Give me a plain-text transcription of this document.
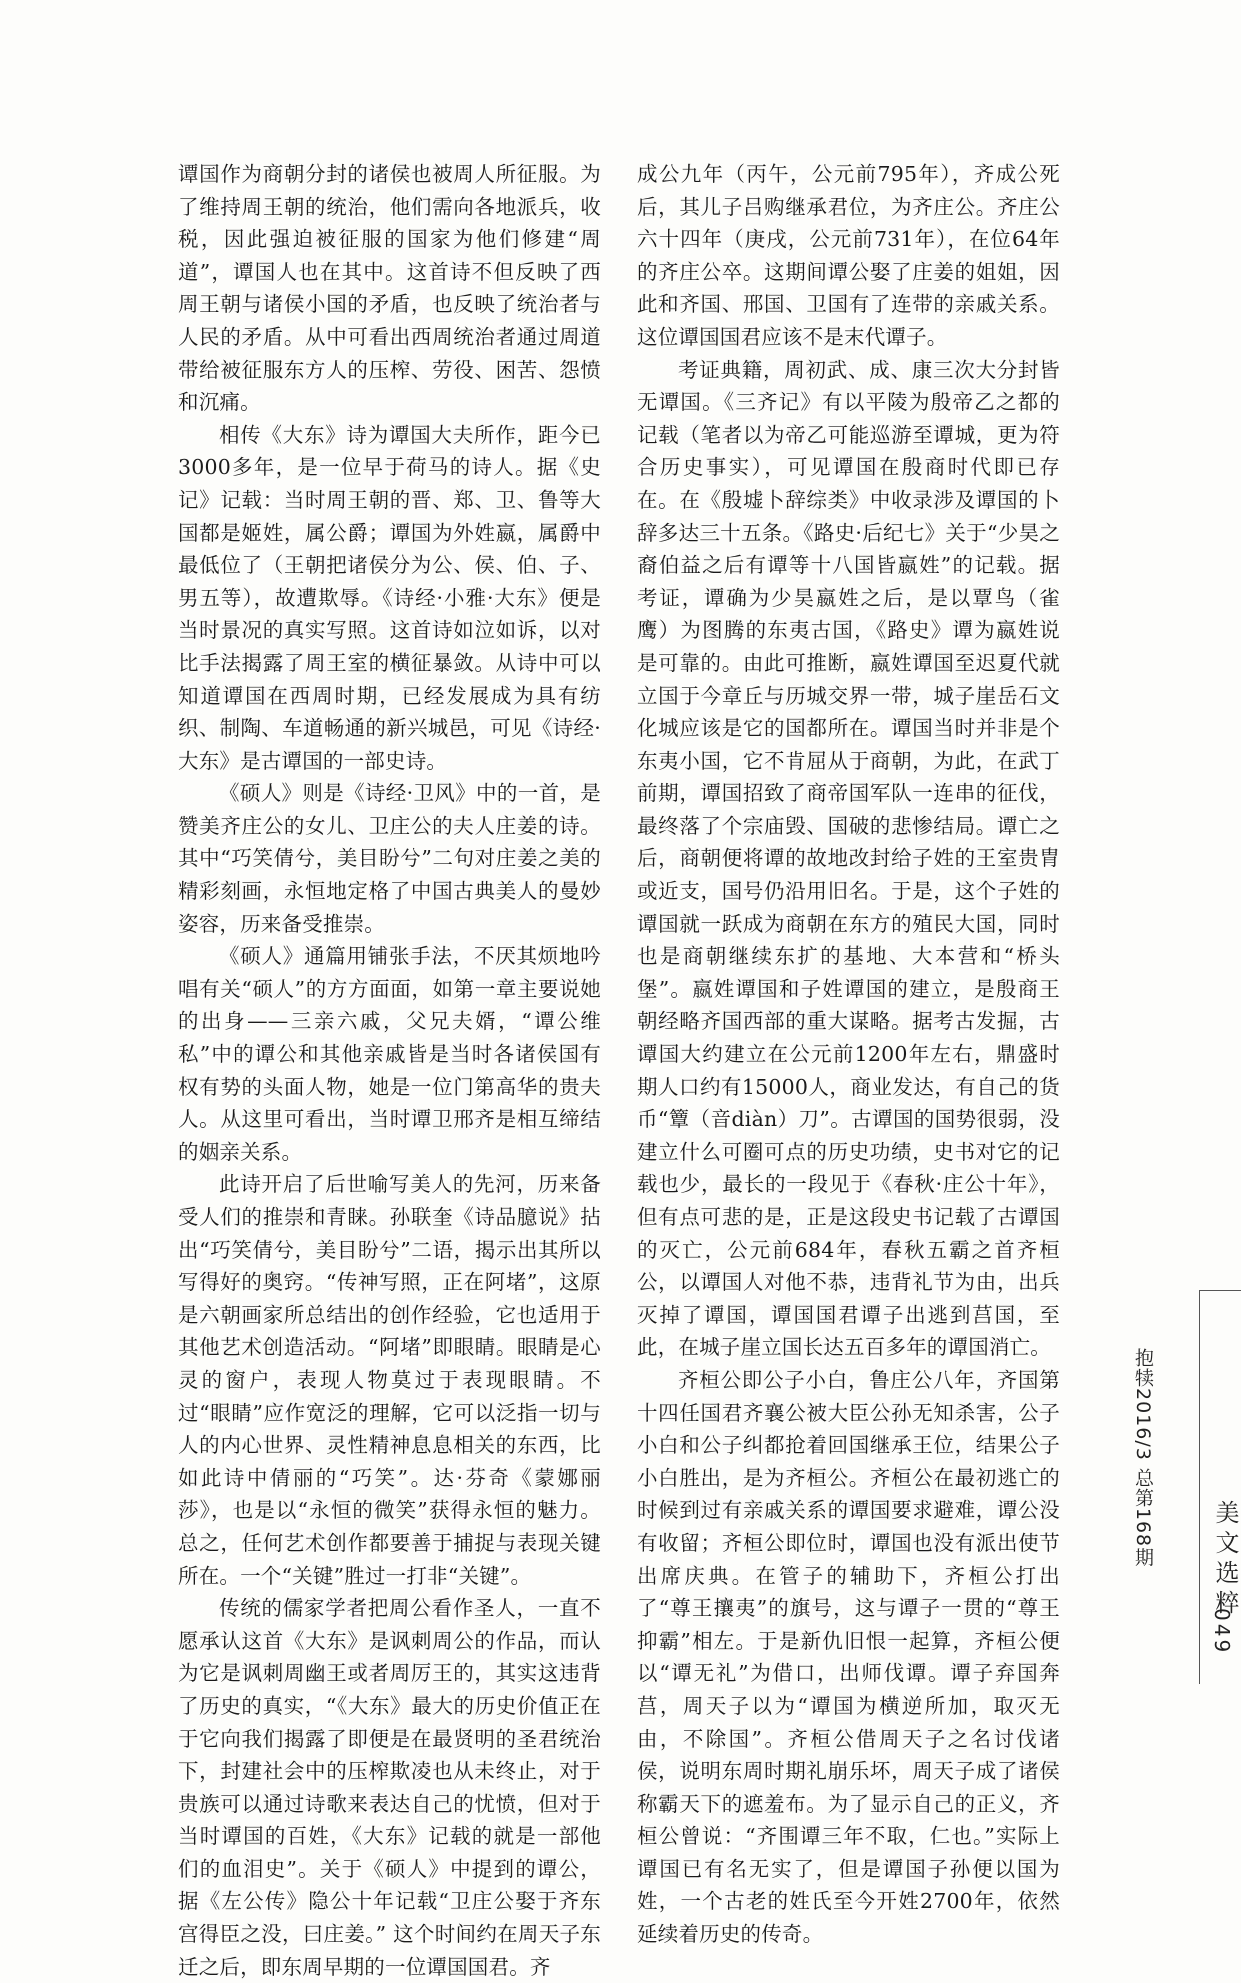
谭国作为商朝分封的诸侯也被周人所征服。为了维持周王朝的统治，他们需向各地派兵，收税，因此强迫被征服的国家为他们修建“周道”，谭国人也在其中。这首诗不但反映了西周王朝与诸侯小国的矛盾，也反映了统治者与人民的矛盾。从中可看出西周统治者通过周道带给被征服东方人的压榨、劳役、困苦、怨愤和沉痛。

相传《大东》诗为谭国大夫所作，距今已3000多年，是一位早于荷马的诗人。据《史记》记载：当时周王朝的晋、郑、卫、鲁等大国都是姬姓，属公爵；谭国为外姓嬴，属爵中最低位了（王朝把诸侯分为公、侯、伯、子、男五等），故遭欺辱。《诗经·小雅·大东》便是当时景况的真实写照。这首诗如泣如诉，以对比手法揭露了周王室的横征暴敛。从诗中可以知道谭国在西周时期，已经发展成为具有纺织、制陶、车道畅通的新兴城邑，可见《诗经·大东》是古谭国的一部史诗。

《硕人》则是《诗经·卫风》中的一首，是赞美齐庄公的女儿、卫庄公的夫人庄姜的诗。其中“巧笑倩兮，美目盼兮”二句对庄姜之美的精彩刻画，永恒地定格了中国古典美人的曼妙姿容，历来备受推崇。

《硕人》通篇用铺张手法，不厌其烦地吟唱有关“硕人”的方方面面，如第一章主要说她的出身——三亲六戚，父兄夫婿，“谭公维私”中的谭公和其他亲戚皆是当时各诸侯国有权有势的头面人物，她是一位门第高华的贵夫人。从这里可看出，当时谭卫邢齐是相互缔结的姻亲关系。

此诗开启了后世喻写美人的先河，历来备受人们的推崇和青睐。孙联奎《诗品臆说》拈出“巧笑倩兮，美目盼兮”二语，揭示出其所以写得好的奥窍。“传神写照，正在阿堵”，这原是六朝画家所总结出的创作经验，它也适用于其他艺术创造活动。“阿堵”即眼睛。眼睛是心灵的窗户，表现人物莫过于表现眼睛。不过“眼睛”应作宽泛的理解，它可以泛指一切与人的内心世界、灵性精神息息相关的东西，比如此诗中倩丽的“巧笑”。达·芬奇《蒙娜丽莎》，也是以“永恒的微笑”获得永恒的魅力。总之，任何艺术创作都要善于捕捉与表现关键所在。一个“关键”胜过一打非“关键”。

传统的儒家学者把周公看作圣人，一直不愿承认这首《大东》是讽刺周公的作品，而认为它是讽刺周幽王或者周厉王的，其实这违背了历史的真实，“《大东》最大的历史价值正在于它向我们揭露了即便是在最贤明的圣君统治下，封建社会中的压榨欺凌也从未终止，对于贵族可以通过诗歌来表达自己的忧愤，但对于当时谭国的百姓，《大东》记载的就是一部他们的血泪史”。关于《硕人》中提到的谭公，据《左公传》隐公十年记载“卫庄公娶于齐东宫得臣之没，曰庄姜。” 这个时间约在周天子东迁之后，即东周早期的一位谭国国君。齐

成公九年（丙午，公元前795年），齐成公死后，其儿子吕购继承君位，为齐庄公。齐庄公六十四年（庚戌，公元前731年），在位64年的齐庄公卒。这期间谭公娶了庄姜的姐姐，因此和齐国、邢国、卫国有了连带的亲戚关系。这位谭国国君应该不是末代谭子。

考证典籍，周初武、成、康三次大分封皆无谭国。《三齐记》有以平陵为殷帝乙之都的记载（笔者以为帝乙可能巡游至谭城，更为符合历史事实），可见谭国在殷商时代即已存在。在《殷墟卜辞综类》中收录涉及谭国的卜辞多达三十五条。《路史·后纪七》关于“少昊之裔伯益之后有谭等十八国皆嬴姓”的记载。据考证，谭确为少昊嬴姓之后，是以覃鸟（雀鹰）为图腾的东夷古国，《路史》谭为嬴姓说是可靠的。由此可推断，嬴姓谭国至迟夏代就立国于今章丘与历城交界一带，城子崖岳石文化城应该是它的国都所在。谭国当时并非是个东夷小国，它不肯屈从于商朝，为此，在武丁前期，谭国招致了商帝国军队一连串的征伐，最终落了个宗庙毁、国破的悲惨结局。谭亡之后，商朝便将谭的故地改封给子姓的王室贵胄或近支，国号仍沿用旧名。于是，这个子姓的谭国就一跃成为商朝在东方的殖民大国，同时也是商朝继续东扩的基地、大本营和“桥头堡”。嬴姓谭国和子姓谭国的建立，是殷商王朝经略齐国西部的重大谋略。据考古发掘，古谭国大约建立在公元前1200年左右，鼎盛时期人口约有15000人，商业发达，有自己的货币“簟（音diàn）刀”。古谭国的国势很弱，没建立什么可圈可点的历史功绩，史书对它的记载也少，最长的一段见于《春秋·庄公十年》，但有点可悲的是，正是这段史书记载了古谭国的灭亡，公元前684年，春秋五霸之首齐桓公，以谭国人对他不恭，违背礼节为由，出兵灭掉了谭国，谭国国君谭子出逃到莒国，至此，在城子崖立国长达五百多年的谭国消亡。

齐桓公即公子小白，鲁庄公八年，齐国第十四任国君齐襄公被大臣公孙无知杀害，公子小白和公子纠都抢着回国继承王位，结果公子小白胜出，是为齐桓公。齐桓公在最初逃亡的时候到过有亲戚关系的谭国要求避难，谭公没有收留；齐桓公即位时，谭国也没有派出使节出席庆典。在管子的辅助下，齐桓公打出了“尊王攘夷”的旗号，这与谭子一贯的“尊王抑霸”相左。于是新仇旧恨一起算，齐桓公便以“谭无礼”为借口，出师伐谭。谭子弃国奔莒，周天子以为“谭国为横逆所加，取灭无由，不除国”。齐桓公借周天子之名讨伐诸侯，说明东周时期礼崩乐坏，周天子成了诸侯称霸天下的遮羞布。为了显示自己的正义，齐桓公曾说：“齐围谭三年不取，仁也。”实际上谭国已有名无实了，但是谭国子孙便以国为姓，一个古老的姓氏至今开姓2700年，依然延续着历史的传奇。

抱犊2016/3 总第168期 美文选粹
049
